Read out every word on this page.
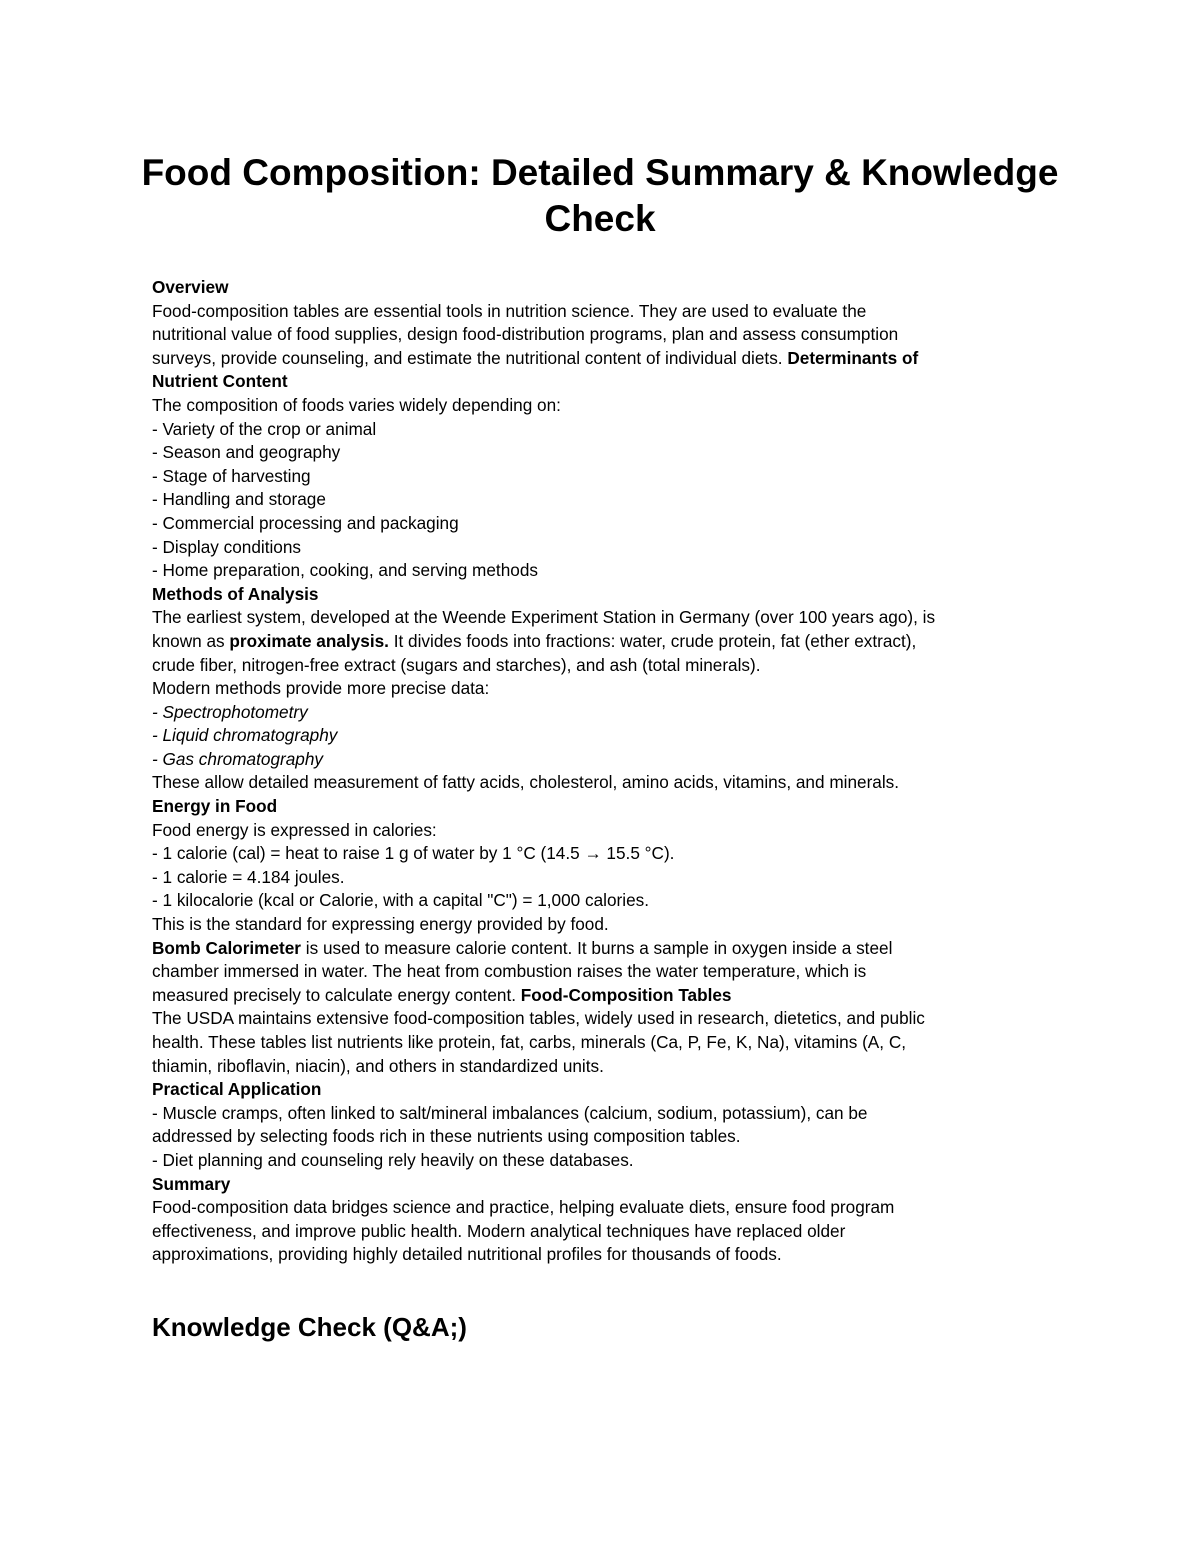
Food Composition: Detailed Summary & Knowledge
Check
Overview
Food-composition tables are essential tools in nutrition science. They are used to evaluate the
nutritional value of food supplies, design food-distribution programs, plan and assess consumption
surveys, provide counseling, and estimate the nutritional content of individual diets. Determinants of
Nutrient Content
The composition of foods varies widely depending on:
- Variety of the crop or animal
- Season and geography
- Stage of harvesting
- Handling and storage
- Commercial processing and packaging
- Display conditions
- Home preparation, cooking, and serving methods
Methods of Analysis
The earliest system, developed at the Weende Experiment Station in Germany (over 100 years ago), is
known as proximate analysis. It divides foods into fractions: water, crude protein, fat (ether extract),
crude fiber, nitrogen-free extract (sugars and starches), and ash (total minerals).
Modern methods provide more precise data:
- Spectrophotometry
- Liquid chromatography
- Gas chromatography
These allow detailed measurement of fatty acids, cholesterol, amino acids, vitamins, and minerals.
Energy in Food
Food energy is expressed in calories:
- 1 calorie (cal) = heat to raise 1 g of water by 1 °C (14.5 → 15.5 °C).
- 1 calorie = 4.184 joules.
- 1 kilocalorie (kcal or Calorie, with a capital "C") = 1,000 calories.
This is the standard for expressing energy provided by food.
Bomb Calorimeter is used to measure calorie content. It burns a sample in oxygen inside a steel
chamber immersed in water. The heat from combustion raises the water temperature, which is
measured precisely to calculate energy content. Food-Composition Tables
The USDA maintains extensive food-composition tables, widely used in research, dietetics, and public
health. These tables list nutrients like protein, fat, carbs, minerals (Ca, P, Fe, K, Na), vitamins (A, C,
thiamin, riboflavin, niacin), and others in standardized units.
Practical Application
- Muscle cramps, often linked to salt/mineral imbalances (calcium, sodium, potassium), can be
addressed by selecting foods rich in these nutrients using composition tables.
- Diet planning and counseling rely heavily on these databases.
Summary
Food-composition data bridges science and practice, helping evaluate diets, ensure food program
effectiveness, and improve public health. Modern analytical techniques have replaced older
approximations, providing highly detailed nutritional profiles for thousands of foods.
Knowledge Check (Q&A;)
